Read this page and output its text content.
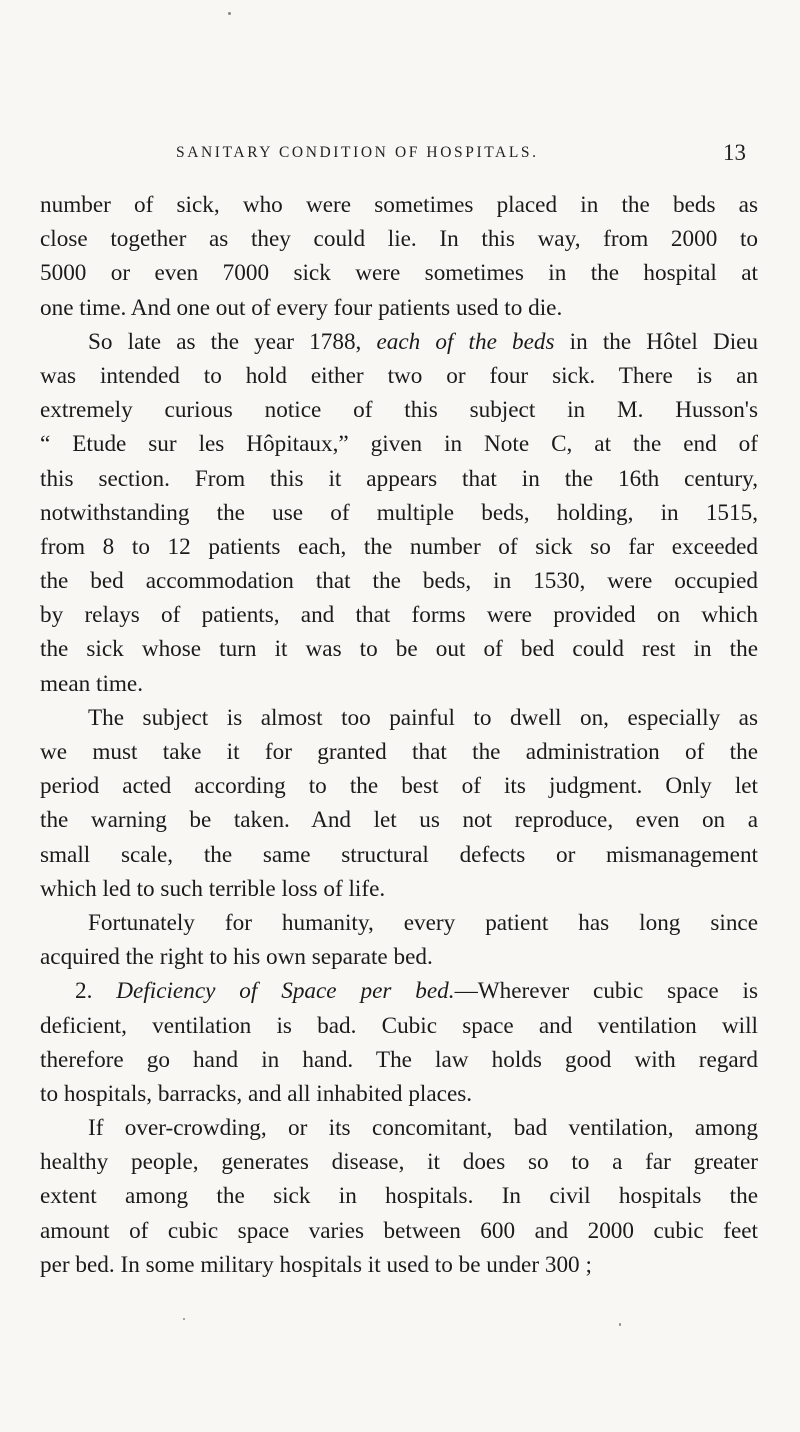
SANITARY CONDITION OF HOSPITALS.	13
number of sick, who were sometimes placed in the beds as
close together as they could lie. In this way, from 2000 to
5000 or even 7000 sick were sometimes in the hospital at
one time. And one out of every four patients used to die.
So late as the year 1788, each of the beds in the Hôtel Dieu
was intended to hold either two or four sick. There is an
extremely curious notice of this subject in M. Husson's
“ Etude sur les Hôpitaux,” given in Note C, at the end of
this section. From this it appears that in the 16th century,
notwithstanding the use of multiple beds, holding, in 1515,
from 8 to 12 patients each, the number of sick so far exceeded
the bed accommodation that the beds, in 1530, were occupied
by relays of patients, and that forms were provided on which
the sick whose turn it was to be out of bed could rest in the
mean time.
The subject is almost too painful to dwell on, especially as
we must take it for granted that the administration of the
period acted according to the best of its judgment. Only let
the warning be taken. And let us not reproduce, even on a
small scale, the same structural defects or mismanagement
which led to such terrible loss of life.
Fortunately for humanity, every patient has long since
acquired the right to his own separate bed.
2. Deficiency of Space per bed.—Wherever cubic space is
deficient, ventilation is bad. Cubic space and ventilation will
therefore go hand in hand. The law holds good with regard
to hospitals, barracks, and all inhabited places.
If over-crowding, or its concomitant, bad ventilation, among
healthy people, generates disease, it does so to a far greater
extent among the sick in hospitals. In civil hospitals the
amount of cubic space varies between 600 and 2000 cubic feet
per bed. In some military hospitals it used to be under 300 ;
